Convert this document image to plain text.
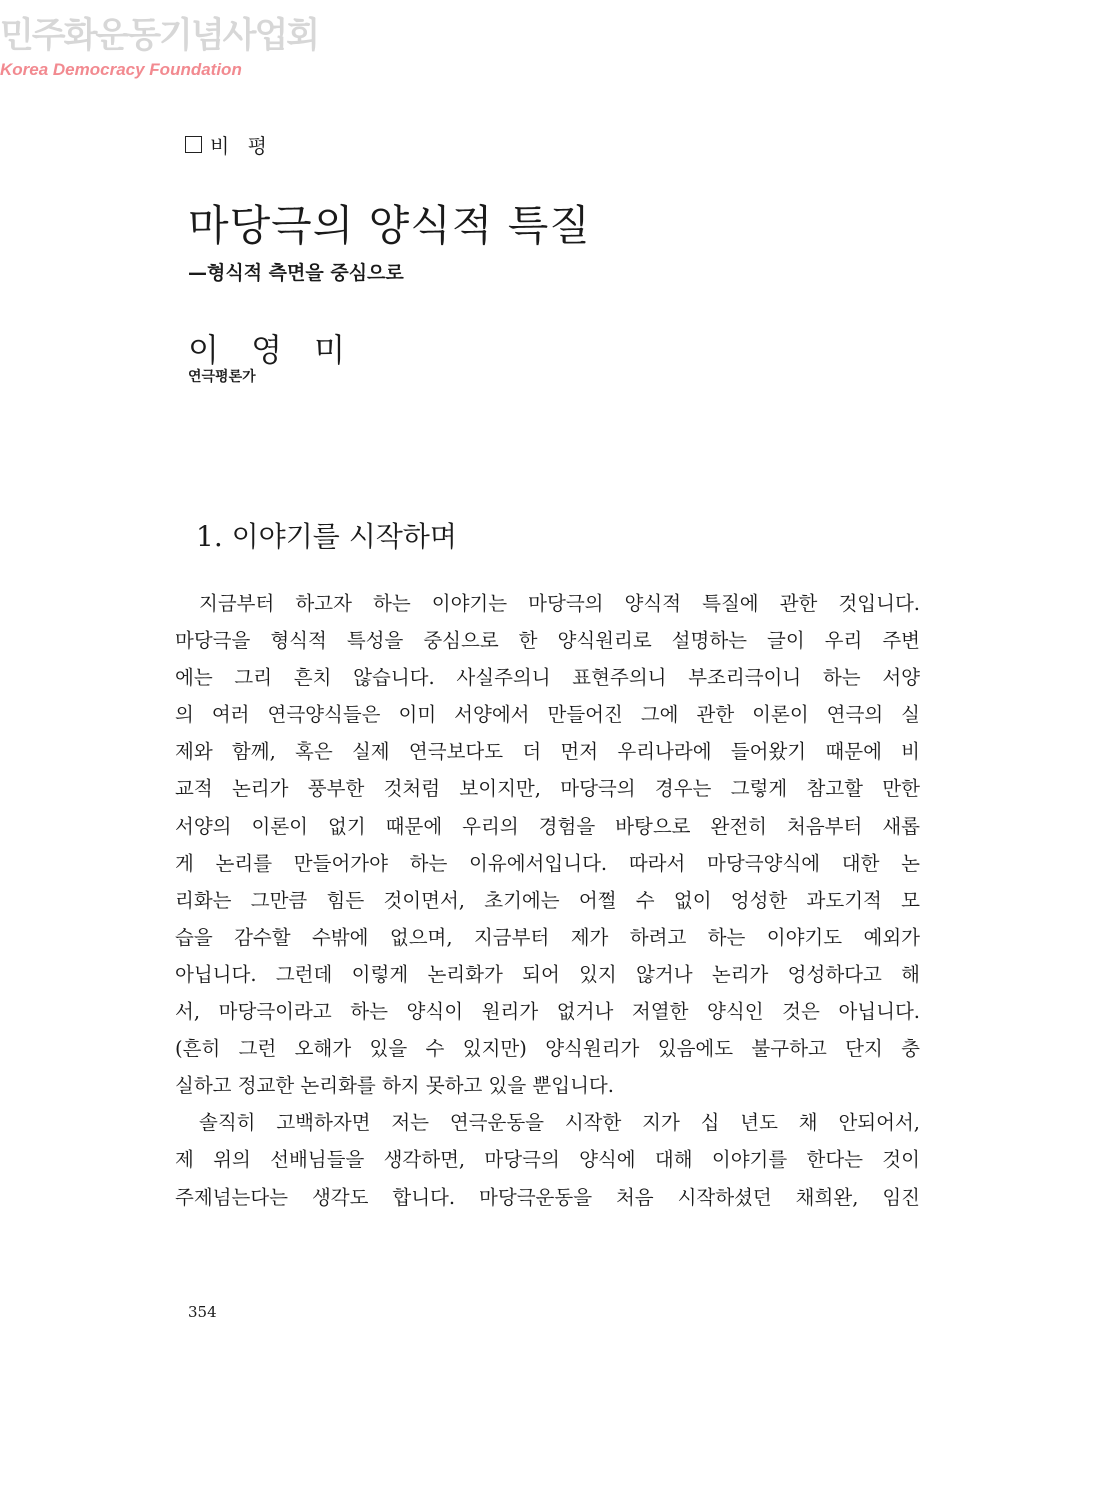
민주화운동기념사업회
Korea Democracy Foundation
비 평
마당극의 양식적 특질
—형식적 측면을 중심으로
이 영 미
연극평론가
1. 이야기를 시작하며
지금부터 하고자 하는 이야기는 마당극의 양식적 특질에 관한 것입니다.
마당극을 형식적 특성을 중심으로 한 양식원리로 설명하는 글이 우리 주변
에는 그리 흔치 않습니다. 사실주의니 표현주의니 부조리극이니 하는 서양
의 여러 연극양식들은 이미 서양에서 만들어진 그에 관한 이론이 연극의 실
제와 함께, 혹은 실제 연극보다도 더 먼저 우리나라에 들어왔기 때문에 비
교적 논리가 풍부한 것처럼 보이지만, 마당극의 경우는 그렇게 참고할 만한
서양의 이론이 없기 때문에 우리의 경험을 바탕으로 완전히 처음부터 새롭
게 논리를 만들어가야 하는 이유에서입니다. 따라서 마당극양식에 대한 논
리화는 그만큼 힘든 것이면서, 초기에는 어쩔 수 없이 엉성한 과도기적 모
습을 감수할 수밖에 없으며, 지금부터 제가 하려고 하는 이야기도 예외가
아닙니다. 그런데 이렇게 논리화가 되어 있지 않거나 논리가 엉성하다고 해
서, 마당극이라고 하는 양식이 원리가 없거나 저열한 양식인 것은 아닙니다.
(흔히 그런 오해가 있을 수 있지만) 양식원리가 있음에도 불구하고 단지 충
실하고 정교한 논리화를 하지 못하고 있을 뿐입니다.
솔직히 고백하자면 저는 연극운동을 시작한 지가 십 년도 채 안되어서,
제 위의 선배님들을 생각하면, 마당극의 양식에 대해 이야기를 한다는 것이
주제넘는다는 생각도 합니다. 마당극운동을 처음 시작하셨던 채희완, 임진
354
